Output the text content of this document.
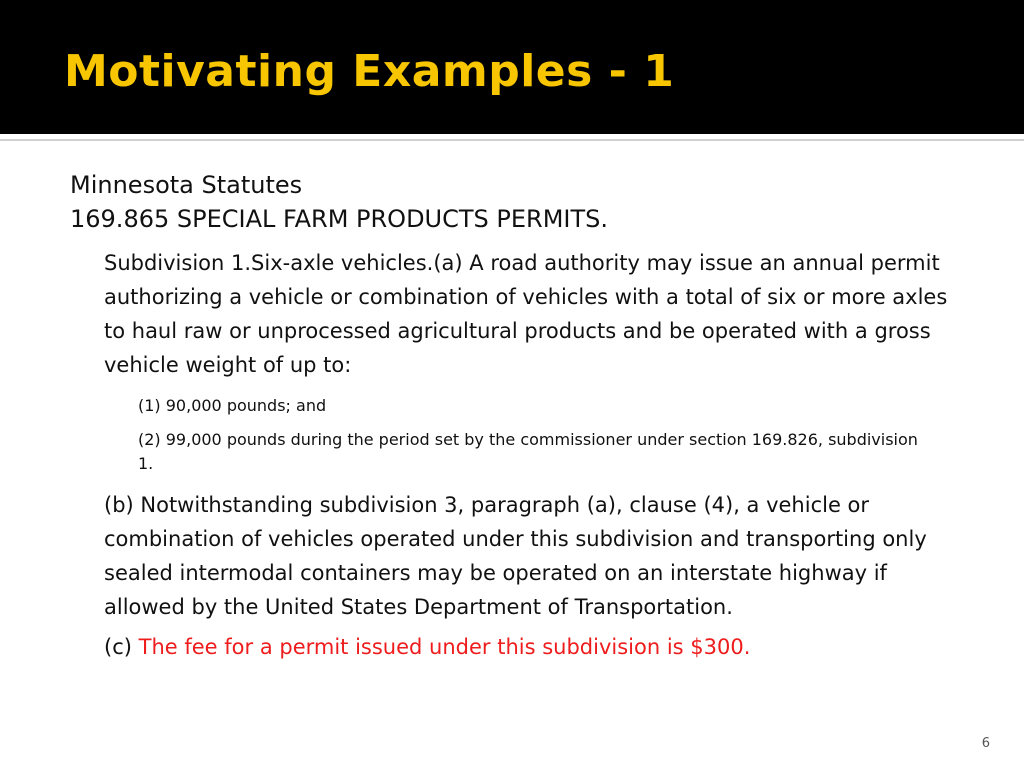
Motivating Examples - 1

Minnesota Statutes

169.865 SPECIAL FARM PRODUCTS PERMITS.

Subdivision 1.Six-axle vehicles.(a) A road authority may issue an annual permit authorizing a vehicle or combination of vehicles with a total of six or more axles to haul raw or unprocessed agricultural products and be operated with a gross vehicle weight of up to:
(1) 90,000 pounds; and
(2) 99,000 pounds during the period set by the commissioner under section 169.826, subdivision 1.
(b) Notwithstanding subdivision 3, paragraph (a), clause (4), a vehicle or combination of vehicles operated under this subdivision and transporting only sealed intermodal containers may be operated on an interstate highway if allowed by the United States Department of Transportation.
(c) The fee for a permit issued under this subdivision is $300.
6
